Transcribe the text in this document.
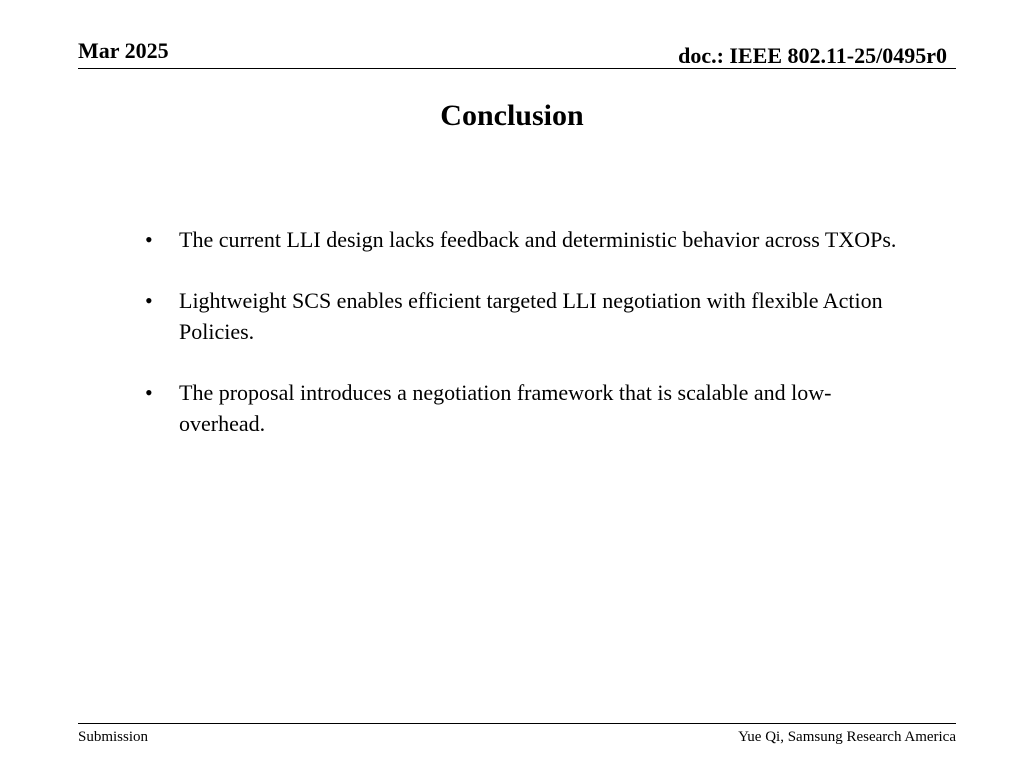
Mar 2025	doc.: IEEE 802.11-25/0495r0
Conclusion
•	The current LLI design lacks feedback and deterministic behavior across TXOPs.
•	Lightweight SCS enables efficient targeted LLI negotiation with flexible Action Policies.
•	The proposal introduces a negotiation framework that is scalable and low-overhead.
Submission	Yue Qi, Samsung Research America
